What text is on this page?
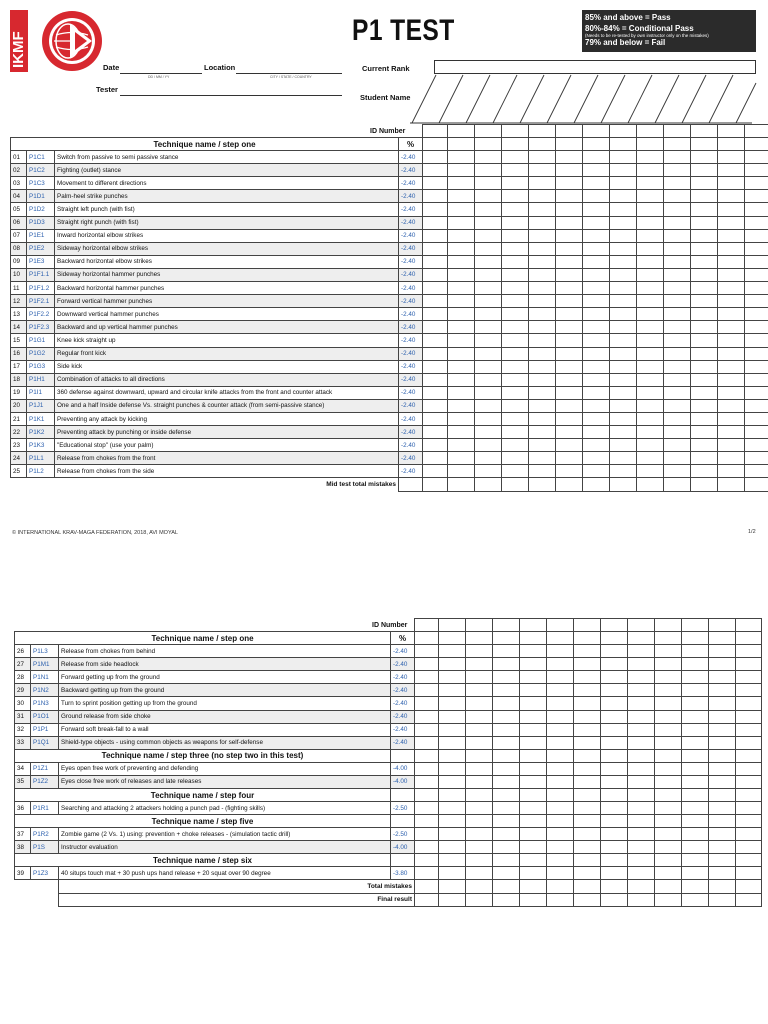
IKMF
P1 TEST	85% and above = Pass
80%-84% = Conditional Pass
(Needs to be re-tested by own instructor only on the mistakes)
79% and below = Fail
Date
DD / MM / YY
Location
CITY / STATE / COUNTRY
Tester
Current Rank
Student Name
ID Number

Technique name / step one			%													
01	P1C1	Switch from passive to semi passive stance	-2.40													
02	P1C2	Fighting (outlet) stance	-2.40													
03	P1C3	Movement to different directions	-2.40													
04	P1D1	Palm-heel strike punches	-2.40													
05	P1D2	Straight left punch (with fist)	-2.40													
06	P1D3	Straight right punch (with fist)	-2.40													
07	P1E1	Inward horizontal elbow strikes	-2.40													
08	P1E2	Sideway horizontal elbow strikes	-2.40													
09	P1E3	Backward horizontal elbow strikes	-2.40													
10	P1F1.1	Sideway horizontal hammer punches	-2.40													
11	P1F1.2	Backward horizontal hammer punches	-2.40													
12	P1F2.1	Forward vertical hammer punches	-2.40													
13	P1F2.2	Downward vertical hammer punches	-2.40													
14	P1F2.3	Backward and up vertical hammer punches	-2.40													
15	P1G1	Knee kick straight up	-2.40													
16	P1G2	Regular front kick	-2.40													
17	P1G3	Side kick	-2.40													
18	P1H1	Combination of attacks to all directions	-2.40													
19	P1I1	360 defense against downward, upward and circular knife attacks from the front and counter attack	-2.40													
20	P1J1	One and a half Inside defense Vs. straight punches & counter attack (from semi-passive stance)	-2.40													
21	P1K1	Preventing any attack by kicking	-2.40													
22	P1K2	Preventing attack by punching or inside defense	-2.40													
23	P1K3	"Educational stop" (use your palm)	-2.40													
24	P1L1	Release from chokes from the front	-2.40													
25	P1L2	Release from chokes from the side	-2.40													
		Mid test total mistakes														
© INTERNATIONAL KRAV-MAGA FEDERATION, 2018, AVI MOYAL	1/2
ID Number

Technique name / step one			%													
26	P1L3	Release from chokes from behind	-2.40													
27	P1M1	Release from side headlock	-2.40													
28	P1N1	Forward getting up from the ground	-2.40													
29	P1N2	Backward getting up from the ground	-2.40													
30	P1N3	Turn to sprint position getting up from the ground	-2.40													
31	P1O1	Ground release from side choke	-2.40													
32	P1P1	Forward soft break-fall to a wall	-2.40													
33	P1Q1	Shield-type objects - using common objects as weapons for self-defense	-2.40													
Technique name / step three (no step two in this test)																
34	P1Z1	Eyes open free work of preventing and defending	-4.00													
35	P1Z2	Eyes close free work of releases and late releases	-4.00													
Technique name / step four																
36	P1R1	Searching and attacking 2 attackers holding a punch pad - (fighting skills)	-2.50													
Technique name / step five																
37	P1R2	Zombie game (2 Vs. 1) using: prevention + choke releases - (simulation tactic drill)	-2.50													
38	P1S	Instructor evaluation	-4.00													
Technique name / step six																
39	P1Z3	40 situps touch mat + 30 push ups hand release + 20 squat over 90 degree	-3.80													
		Total mistakes														
		Final result														
